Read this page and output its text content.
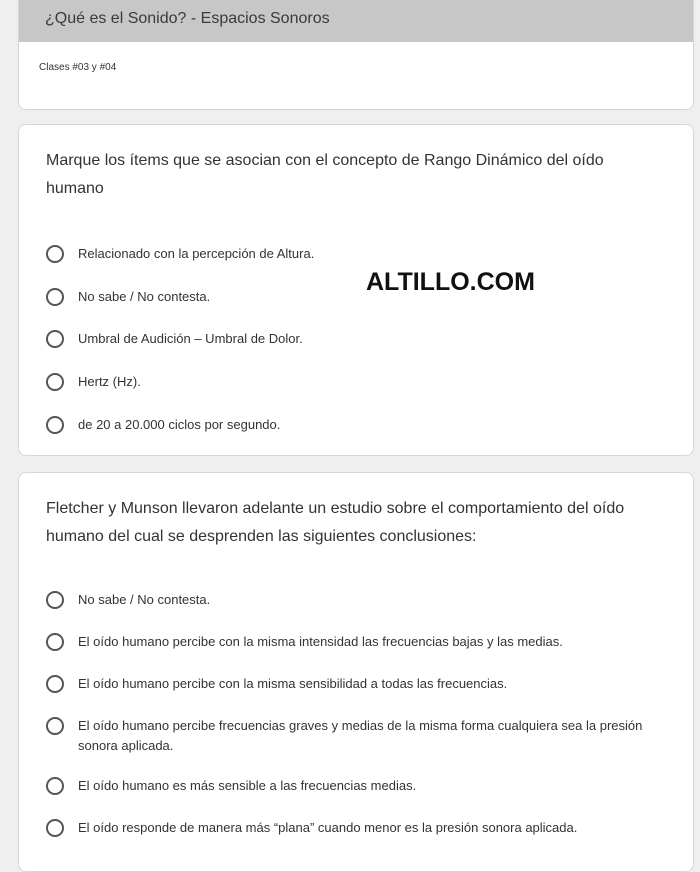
¿Qué es el Sonido? - Espacios Sonoros
Clases #03 y #04
Marque los ítems que se asocian con el concepto de Rango Dinámico del oído humano
Relacionado con la percepción de Altura.
No sabe / No contesta.
Umbral de Audición – Umbral de Dolor.
Hertz (Hz).
de 20 a 20.000 ciclos por segundo.
Fletcher y Munson llevaron adelante un estudio sobre el comportamiento del oído humano del cual se desprenden las siguientes conclusiones:
No sabe / No contesta.
El oído humano percibe con la misma intensidad las frecuencias bajas y las medias.
El oído humano percibe con la misma sensibilidad a todas las frecuencias.
El oído humano percibe frecuencias graves y medias de la misma forma cualquiera sea la presión sonora aplicada.
El oído humano es más sensible a las frecuencias medias.
El oído responde de manera más “plana” cuando menor es la presión sonora aplicada.
ALTILLO.COM
